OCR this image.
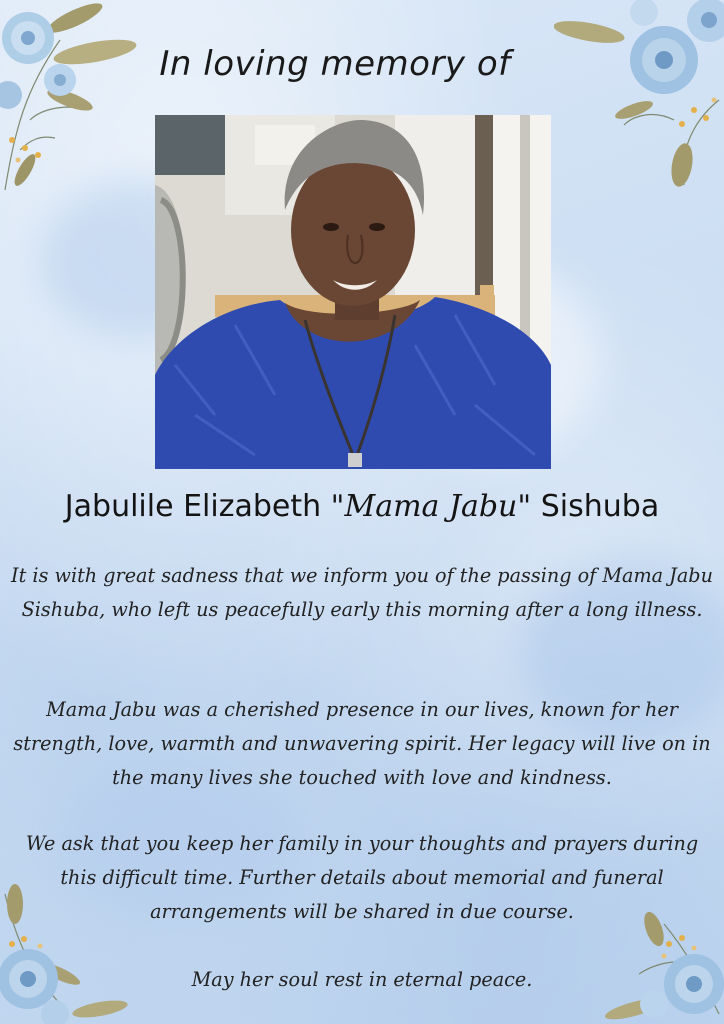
In loving memory of
Jabulile Elizabeth "Mama Jabu" Sishuba
It is with great sadness that we inform you of the passing of Mama Jabu Sishuba, who left us peacefully early this morning after a long illness.
Mama Jabu was a cherished presence in our lives, known for her strength, love, warmth and unwavering spirit. Her legacy will live on in the many lives she touched with love and kindness.
We ask that you keep her family in your thoughts and prayers during this difficult time. Further details about memorial and funeral arrangements will be shared in due course.
May her soul rest in eternal peace.
